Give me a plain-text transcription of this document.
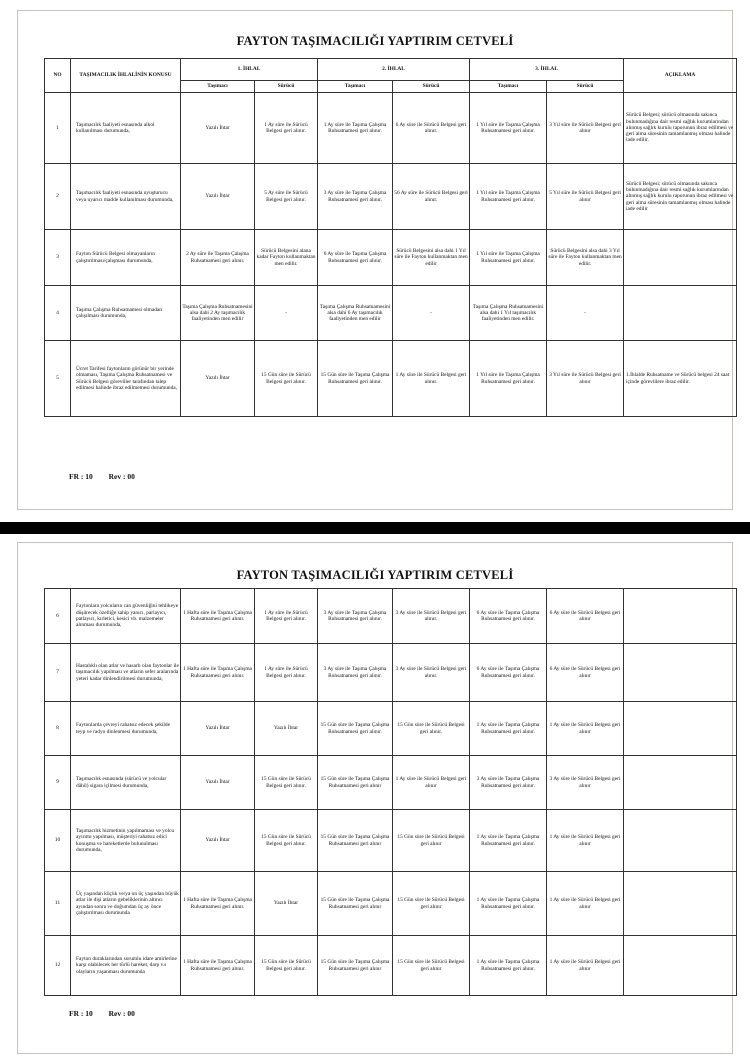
FAYTON TAŞIMACILIĞI YAPTIRIM CETVELİ
NO	TAŞIMACILIK İHLALİNİN KONUSU	1. İHLAL		2. İHLAL		3. İHLAL		AÇIKLAMA
		Taşımacı	Sürücü	Taşımacı	Sürücü	Taşımacı	Sürücü	
1	Taşımacılık faaliyeti esnasında alkol kullanılması durumunda,	Yazılı İhtar	1 Ay süre ile Sürücü Belgesi geri alınır.	1 Ay süre ile Taşıma Çalışma Ruhsatnamesi geri alınır.	6 Ay süre ile Sürücü Belgesi geri alınır.	1 Yıl süre ile Taşıma Çalışma Ruhsatnamesi geri alınır.	3 Yıl süre ile Sürücü Belgesi geri alınır	Sürücü Belgesi; sürücü olmasında sakınca bulunmadığına dair resmi sağlık kurumlarından alınmış sağlık kurulu raporunun ibraz edilmesi ve geri alma süresinin tamamlanmış olması halinde iade edilir.
2	Taşımacılık faaliyeti esnasında uyuşturucu veya uyarıcı madde kullanılması durumunda,	Yazılı İhtar	5 Ay süre ile Sürücü Belgesi geri alınır.	3 Ay süre ile Taşıma Çalışma Ruhsatnamesi geri alınır.	56 Ay süre ile Sürücü Belgesi geri alınır.	1 Yıl süre ile Taşıma Çalışma Ruhsatnamesi geri alınır.	5 Yıl süre ile Sürücü Belgesi geri alınır	Sürücü Belgesi; sürücü olmasında sakınca bulunmadığına dair resmi sağlık kurumlarından alınmış sağlık kurulu raporunun ibraz edilmesi ve geri alma süresinin tamamlanmış olması halinde iade edilir
3	Fayton Sürücü Belgesi olmayanların çalıştırılması/çalışması durumunda,	2 Ay süre ile Taşıma Çalışma Ruhsatnamesi geri alınır.	Sürücü Belgesini alana kadar Fayton kullanmaktan men edilir.	6 Ay süre ile Taşıma Çalışma Ruhsatnamesi geri alınır.	Sürücü Belgesini alsa dahi 1 Yıl süre ile Fayton kullanmaktan men edilir	1 Yıl süre ile Taşıma Çalışma Ruhsatnamesi geri alınır.	Sürücü Belgesini alsa dahi 3 Yıl süre ile Fayton kullanmaktan men edilir.	
4	Taşıma Çalışma Ruhsatnamesi olmadan çalışılması durumunda,	Taşıma Çalışma Ruhsatnamesini alsa dahi 2 Ay taşımacılık faaliyetinden men edilir	-	Taşıma Çalışma Ruhsatnamesini alsa dahi 6 Ay taşımacılık faaliyetinden men edilir	-	Taşıma Çalışma Ruhsatnamesini alsa dahi 1 Yıl taşımacılık faaliyetinden men edilir.	-	
5	Ücret Tarifesi faytonların görünür bir yerinde olmaması, Taşıma Çalışma Ruhsatnamesi ve Sürücü Belgesi görevliler tarafından talep edilmesi halinde ibraz edilmemesi durumunda,	Yazılı İhtar	15 Gün süre ile Sürücü Belgesi geri alınır.	15 Gün süre ile Taşıma Çalışma Ruhsatnamesi geri alınır.	1 Ay süre ile Sürücü Belgesi geri alınır.	1 Yıl süre ile Taşıma Çalışma Ruhsatnamesi geri alınır.	3 Yıl süre ile Sürücü Belgesi geri alınır	1.İhlalde Ruhsatname ve Sürücü belgesi 24 saat içinde görevlilere ibraz edilir.
FR : 10 Rev : 00
FAYTON TAŞIMACILIĞI YAPTIRIM CETVELİ
6	Faytonlara yolcuların can güvenliğini tehlikeye düşürecek özelliğe sahip yanıcı, parlayıcı, patlayıcı, kırletici, kesici vb. malzemeler alınması durumunda,	1 Hafta süre ile Taşıma Çalışma Ruhsatnamesi geri alınır.	1 Ay süre ile Sürücü Belgesi geri alınır.	3 Ay süre ile Taşıma Çalışma Ruhsatnamesi geri alınır.	3 Ay süre ile Sürücü Belgesi geri alınır.	6 Ay süre ile Taşıma Çalışma Ruhsatnamesi geri alınır.	6 Ay süre ile Sürücü Belgesi geri alınır	
7	Hastalıklı olan atlar ve hasarlı olan faytonlar ile taşımacılık yapılması ve atların sefer aralarında yeteri kadar dinlendirilmesi durumunda,	1 Hafta süre ile Taşıma Çalışma Ruhsatnamesi geri alınır.	1 Ay süre ile Sürücü Belgesi geri alınır.	3 Ay süre ile Taşıma Çalışma Ruhsatnamesi geri alınır.	3 Ay süre ile Sürücü Belgesi geri alınır.	6 Ay süre ile Taşıma Çalışma Ruhsatnamesi geri alınır.	6 Ay süre ile Sürücü Belgesi geri alınır	
8	Faytonlarda çevreyi rahatsız edecek şekilde teyp ve radyo dinlenmesi durumunda,	Yazılı İhtar	Yazılı İhtar	15 Gün süre ile Taşıma Çalışma Ruhsatnamesi geri alınır.	15 Gün süre ile Sürücü Belgesi geri alınır.	1 Ay süre ile Taşıma Çalışma Ruhsatnamesi geri alınır.	1 Ay süre ile Sürücü Belgesi geri alınır	
9	Taşımacılık esnasında (sürücü ve yolcular dâhil) sigara içilmesi durumunda,	Yazılı İhtar	15 Gün süre ile Sürücü Belgesi geri alınır.	15 Gün süre ile Taşıma Çalışma Ruhsatnamesi geri alınır	1 Ay süre ile Sürücü Belgesi geri alınır	3 Ay süre ile Taşıma Çalışma Ruhsatnamesi geri alınır.	3 Ay süre ile Sürücü Belgesi geri alınır	
10	Taşımacılık hizmetinin yapılmaması ve yolcu ayırımı yapılması, müşteriyi rahatsız edici konuşma ve hareketlerde bulunulması durumunda,	Yazılı İhtar	15 Gün süre ile Sürücü Belgesi geri alınır.	15 Gün süre ile Taşıma Çalışma Ruhsatnamesi geri alınır	15 Gün süre ile Sürücü Belgesi geri alınır	1 Ay süre ile Taşıma Çalışma Ruhsatnamesi geri alınır.	1 Ay süre ile Sürücü Belgesi geri alınır	
11	Üç yaşından küçük ve/ya on üç yaşından büyük atlar ile dişi atların gebeliklerinin altıncı ayından sonra ve doğumdan üç ay önce çalıştırılması durumunda	1 Hafta süre ile Taşıma Çalışma Ruhsatnamesi geri alınır.	Yazılı İhtar	15 Gün süre ile Taşıma Çalışma Ruhsatnamesi geri alınır	15 Gün süre ile Sürücü Belgesi geri alınır	1 Ay süre ile Taşıma Çalışma Ruhsatnamesi geri alınır.	1 Ay süre ile Sürücü Belgesi geri alınır	
12	Fayton duraklarından sorumlu idare amirlerine karşı olabilecek her türlü hareket, darp v.s olayların yaşanması durumunda	1 Hafta süre ile Taşıma Çalışma Ruhsatnamesi geri alınır.	15 Gün süre ile Sürücü Belgesi geri alınır.	15 Gün süre ile Taşıma Çalışma Ruhsatnamesi geri alınır	15 Gün süre ile Sürücü Belgesi geri alınır	1 Ay süre ile Taşıma Çalışma Ruhsatnamesi geri alınır.	1 Ay süre ile Sürücü Belgesi geri alınır	
FR : 10 Rev : 00
